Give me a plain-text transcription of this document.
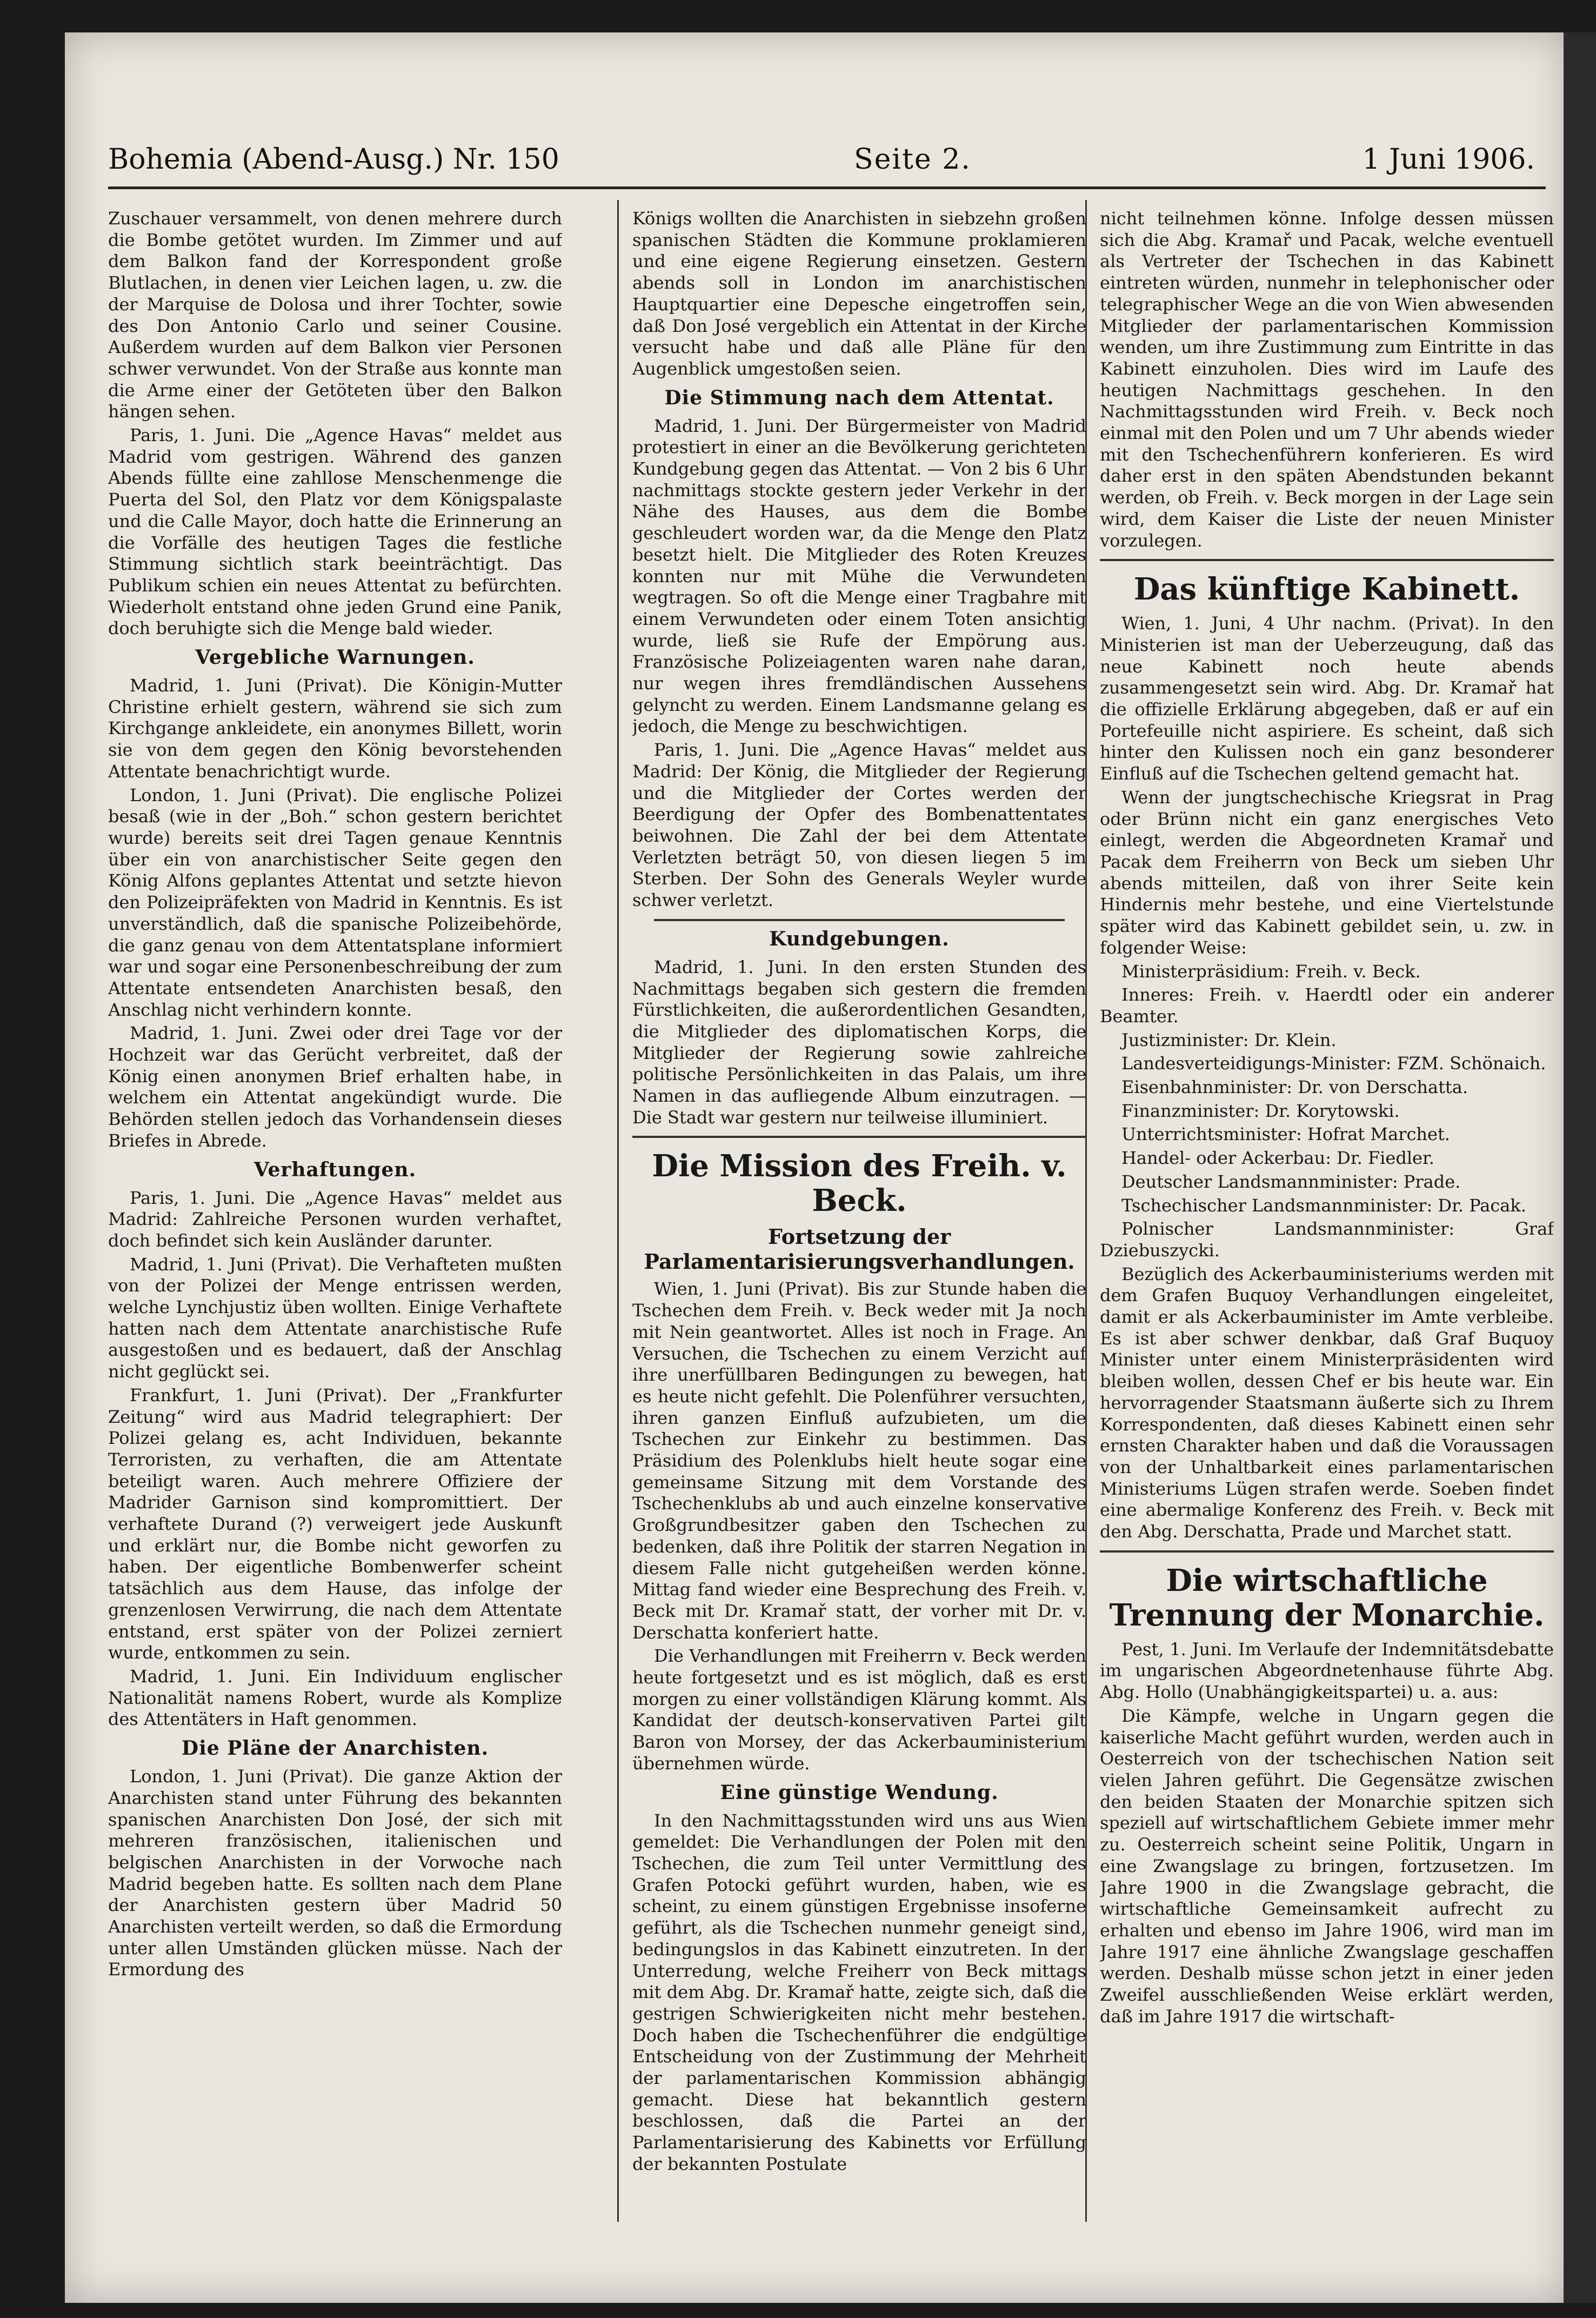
Bohemia (Abend-Ausg.) Nr. 150	Seite 2.	1 Juni 1906.

Zuschauer versammelt, von denen mehrere durch die Bombe getötet wurden. Im Zimmer und auf dem Balkon fand der Korrespondent große Blutlachen, in denen vier Leichen lagen, u. zw. die der Marquise de Dolosa und ihrer Tochter, sowie des Don Antonio Carlo und seiner Cousine. Außerdem wurden auf dem Balkon vier Personen schwer verwundet. Von der Straße aus konnte man die Arme einer der Getöteten über den Balkon hängen sehen.

Paris, 1. Juni. Die „Agence Havas“ meldet aus Madrid vom gestrigen. Während des ganzen Abends füllte eine zahllose Menschenmenge die Puerta del Sol, den Platz vor dem Königspalaste und die Calle Mayor, doch hatte die Erinnerung an die Vorfälle des heutigen Tages die festliche Stimmung sichtlich stark beeinträchtigt. Das Publikum schien ein neues Attentat zu befürchten. Wiederholt entstand ohne jeden Grund eine Panik, doch beruhigte sich die Menge bald wieder.

Vergebliche Warnungen.

Madrid, 1. Juni (Privat). Die Königin-Mutter Christine erhielt gestern, während sie sich zum Kirchgange ankleidete, ein anonymes Billett, worin sie von dem gegen den König bevorstehenden Attentate benachrichtigt wurde.

London, 1. Juni (Privat). Die englische Polizei besaß (wie in der „Boh.“ schon gestern berichtet wurde) bereits seit drei Tagen genaue Kenntnis über ein von anarchistischer Seite gegen den König Alfons geplantes Attentat und setzte hievon den Polizeipräfekten von Madrid in Kenntnis. Es ist unverständlich, daß die spanische Polizeibehörde, die ganz genau von dem Attentatsplane informiert war und sogar eine Personenbeschreibung der zum Attentate entsendeten Anarchisten besaß, den Anschlag nicht verhindern konnte.

Madrid, 1. Juni. Zwei oder drei Tage vor der Hochzeit war das Gerücht verbreitet, daß der König einen anonymen Brief erhalten habe, in welchem ein Attentat angekündigt wurde. Die Behörden stellen jedoch das Vorhandensein dieses Briefes in Abrede.

Verhaftungen.

Paris, 1. Juni. Die „Agence Havas“ meldet aus Madrid: Zahlreiche Personen wurden verhaftet, doch befindet sich kein Ausländer darunter.

Madrid, 1. Juni (Privat). Die Verhafteten mußten von der Polizei der Menge entrissen werden, welche Lynchjustiz üben wollten. Einige Verhaftete hatten nach dem Attentate anarchistische Rufe ausgestoßen und es bedauert, daß der Anschlag nicht geglückt sei.

Frankfurt, 1. Juni (Privat). Der „Frankfurter Zeitung“ wird aus Madrid telegraphiert: Der Polizei gelang es, acht Individuen, bekannte Terroristen, zu verhaften, die am Attentate beteiligt waren. Auch mehrere Offiziere der Madrider Garnison sind kompromittiert. Der verhaftete Durand (?) verweigert jede Auskunft und erklärt nur, die Bombe nicht geworfen zu haben. Der eigentliche Bombenwerfer scheint tatsächlich aus dem Hause, das infolge der grenzenlosen Verwirrung, die nach dem Attentate entstand, erst später von der Polizei zerniert wurde, entkommen zu sein.

Madrid, 1. Juni. Ein Individuum englischer Nationalität namens Robert, wurde als Komplize des Attentäters in Haft genommen.

Die Pläne der Anarchisten.

London, 1. Juni (Privat). Die ganze Aktion der Anarchisten stand unter Führung des bekannten spanischen Anarchisten Don José, der sich mit mehreren französischen, italienischen und belgischen Anarchisten in der Vorwoche nach Madrid begeben hatte. Es sollten nach dem Plane der Anarchisten gestern über Madrid 50 Anarchisten verteilt werden, so daß die Ermordung unter allen Umständen glücken müsse. Nach der Ermordung des

Königs wollten die Anarchisten in siebzehn großen spanischen Städten die Kommune proklamieren und eine eigene Regierung einsetzen. Gestern abends soll in London im anarchistischen Hauptquartier eine Depesche eingetroffen sein, daß Don José vergeblich ein Attentat in der Kirche versucht habe und daß alle Pläne für den Augenblick umgestoßen seien.

Die Stimmung nach dem Attentat.

Madrid, 1. Juni. Der Bürgermeister von Madrid protestiert in einer an die Bevölkerung gerichteten Kundgebung gegen das Attentat. — Von 2 bis 6 Uhr nachmittags stockte gestern jeder Verkehr in der Nähe des Hauses, aus dem die Bombe geschleudert worden war, da die Menge den Platz besetzt hielt. Die Mitglieder des Roten Kreuzes konnten nur mit Mühe die Verwundeten wegtragen. So oft die Menge einer Tragbahre mit einem Verwundeten oder einem Toten ansichtig wurde, ließ sie Rufe der Empörung aus. Französische Polizeiagenten waren nahe daran, nur wegen ihres fremdländischen Aussehens gelyncht zu werden. Einem Landsmanne gelang es jedoch, die Menge zu beschwichtigen.

Paris, 1. Juni. Die „Agence Havas“ meldet aus Madrid: Der König, die Mitglieder der Regierung und die Mitglieder der Cortes werden der Beerdigung der Opfer des Bombenattentates beiwohnen. Die Zahl der bei dem Attentate Verletzten beträgt 50, von diesen liegen 5 im Sterben. Der Sohn des Generals Weyler wurde schwer verletzt.

Kundgebungen.

Madrid, 1. Juni. In den ersten Stunden des Nachmittags begaben sich gestern die fremden Fürstlichkeiten, die außerordentlichen Gesandten, die Mitglieder des diplomatischen Korps, die Mitglieder der Regierung sowie zahlreiche politische Persönlichkeiten in das Palais, um ihre Namen in das aufliegende Album einzutragen. — Die Stadt war gestern nur teilweise illuminiert.

Die Mission des Freih. v. Beck.
Fortsetzung der Parlamentarisierungsverhandlungen.

Wien, 1. Juni (Privat). Bis zur Stunde haben die Tschechen dem Freih. v. Beck weder mit Ja noch mit Nein geantwortet. Alles ist noch in Frage. An Versuchen, die Tschechen zu einem Verzicht auf ihre unerfüllbaren Bedingungen zu bewegen, hat es heute nicht gefehlt. Die Polenführer versuchten, ihren ganzen Einfluß aufzubieten, um die Tschechen zur Einkehr zu bestimmen. Das Präsidium des Polenklubs hielt heute sogar eine gemeinsame Sitzung mit dem Vorstande des Tschechenklubs ab und auch einzelne konservative Großgrundbesitzer gaben den Tschechen zu bedenken, daß ihre Politik der starren Negation in diesem Falle nicht gutgeheißen werden könne. Mittag fand wieder eine Besprechung des Freih. v. Beck mit Dr. Kramař statt, der vorher mit Dr. v. Derschatta konferiert hatte.

Die Verhandlungen mit Freiherrn v. Beck werden heute fortgesetzt und es ist möglich, daß es erst morgen zu einer vollständigen Klärung kommt. Als Kandidat der deutsch-konservativen Partei gilt Baron von Morsey, der das Ackerbauministerium übernehmen würde.

Eine günstige Wendung.

In den Nachmittagsstunden wird uns aus Wien gemeldet: Die Verhandlungen der Polen mit den Tschechen, die zum Teil unter Vermittlung des Grafen Potocki geführt wurden, haben, wie es scheint, zu einem günstigen Ergebnisse insoferne geführt, als die Tschechen nunmehr geneigt sind, bedingungslos in das Kabinett einzutreten. In der Unterredung, welche Freiherr von Beck mittags mit dem Abg. Dr. Kramař hatte, zeigte sich, daß die gestrigen Schwierigkeiten nicht mehr bestehen. Doch haben die Tschechenführer die endgültige Entscheidung von der Zustimmung der Mehrheit der parlamentarischen Kommission abhängig gemacht. Diese hat bekanntlich gestern beschlossen, daß die Partei an der Parlamentarisierung des Kabinetts vor Erfüllung der bekannten Postulate

nicht teilnehmen könne. Infolge dessen müssen sich die Abg. Kramař und Pacak, welche eventuell als Vertreter der Tschechen in das Kabinett eintreten würden, nunmehr in telephonischer oder telegraphischer Wege an die von Wien abwesenden Mitglieder der parlamentarischen Kommission wenden, um ihre Zustimmung zum Eintritte in das Kabinett einzuholen. Dies wird im Laufe des heutigen Nachmittags geschehen. In den Nachmittagsstunden wird Freih. v. Beck noch einmal mit den Polen und um 7 Uhr abends wieder mit den Tschechenführern konferieren. Es wird daher erst in den späten Abendstunden bekannt werden, ob Freih. v. Beck morgen in der Lage sein wird, dem Kaiser die Liste der neuen Minister vorzulegen.

Das künftige Kabinett.

Wien, 1. Juni, 4 Uhr nachm. (Privat). In den Ministerien ist man der Ueberzeugung, daß das neue Kabinett noch heute abends zusammengesetzt sein wird. Abg. Dr. Kramař hat die offizielle Erklärung abgegeben, daß er auf ein Portefeuille nicht aspiriere. Es scheint, daß sich hinter den Kulissen noch ein ganz besonderer Einfluß auf die Tschechen geltend gemacht hat.

Wenn der jungtschechische Kriegsrat in Prag oder Brünn nicht ein ganz energisches Veto einlegt, werden die Abgeordneten Kramař und Pacak dem Freiherrn von Beck um sieben Uhr abends mitteilen, daß von ihrer Seite kein Hindernis mehr bestehe, und eine Viertelstunde später wird das Kabinett gebildet sein, u. zw. in folgender Weise:

Ministerpräsidium: Freih. v. Beck.

Inneres: Freih. v. Haerdtl oder ein anderer Beamter.

Justizminister: Dr. Klein.

Landesverteidigungs-Minister: FZM. Schönaich.

Eisenbahnminister: Dr. von Derschatta.

Finanzminister: Dr. Korytowski.

Unterrichtsminister: Hofrat Marchet.

Handel- oder Ackerbau: Dr. Fiedler.

Deutscher Landsmannminister: Prade.

Tschechischer Landsmannminister: Dr. Pacak.

Polnischer Landsmannminister: Graf Dziebuszycki.

Bezüglich des Ackerbauministeriums werden mit dem Grafen Buquoy Verhandlungen eingeleitet, damit er als Ackerbauminister im Amte verbleibe. Es ist aber schwer denkbar, daß Graf Buquoy Minister unter einem Ministerpräsidenten wird bleiben wollen, dessen Chef er bis heute war. Ein hervorragender Staatsmann äußerte sich zu Ihrem Korrespondenten, daß dieses Kabinett einen sehr ernsten Charakter haben und daß die Voraussagen von der Unhaltbarkeit eines parlamentarischen Ministeriums Lügen strafen werde. Soeben findet eine abermalige Konferenz des Freih. v. Beck mit den Abg. Derschatta, Prade und Marchet statt.

Die wirtschaftliche Trennung der Monarchie.

Pest, 1. Juni. Im Verlaufe der Indemnitätsdebatte im ungarischen Abgeordnetenhause führte Abg. Abg. Hollo (Unabhängigkeitspartei) u. a. aus:

Die Kämpfe, welche in Ungarn gegen die kaiserliche Macht geführt wurden, werden auch in Oesterreich von der tschechischen Nation seit vielen Jahren geführt. Die Gegensätze zwischen den beiden Staaten der Monarchie spitzen sich speziell auf wirtschaftlichem Gebiete immer mehr zu. Oesterreich scheint seine Politik, Ungarn in eine Zwangslage zu bringen, fortzusetzen. Im Jahre 1900 in die Zwangslage gebracht, die wirtschaftliche Gemeinsamkeit aufrecht zu erhalten und ebenso im Jahre 1906, wird man im Jahre 1917 eine ähnliche Zwangslage geschaffen werden. Deshalb müsse schon jetzt in einer jeden Zweifel ausschließenden Weise erklärt werden, daß im Jahre 1917 die wirtschaft-
